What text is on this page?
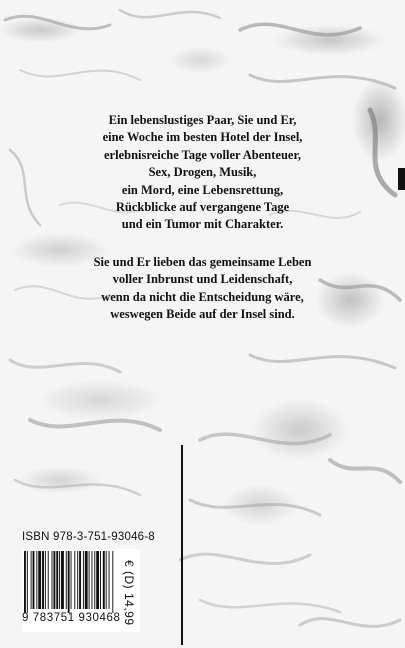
Ein lebenslustiges Paar, Sie und Er,
eine Woche im besten Hotel der Insel,
erlebnisreiche Tage voller Abenteuer,
Sex, Drogen, Musik,
ein Mord, eine Lebensrettung,
Rückblicke auf vergangene Tage
und ein Tumor mit Charakter.
Sie und Er lieben das gemeinsame Leben
voller Inbrunst und Leidenschaft,
wenn da nicht die Entscheidung wäre,
weswegen Beide auf der Insel sind.
ISBN 978-3-751-93046-8
9 783751 930468 € (D) 14,99
